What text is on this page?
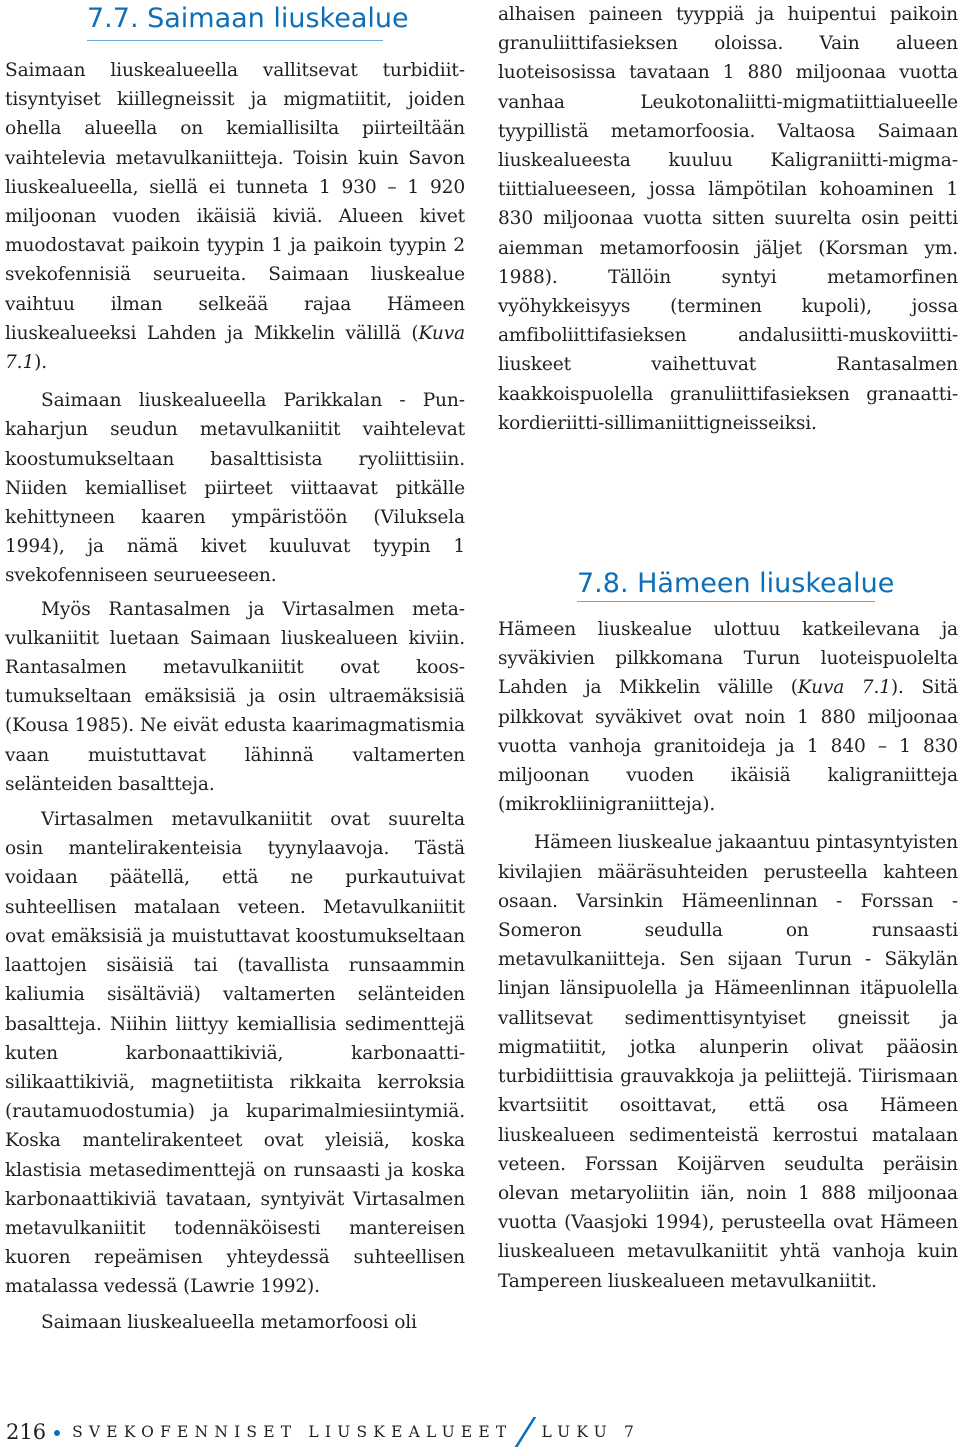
7.7. Saimaan liuskealue

Saimaan liuskealueella vallitsevat turbidiittisyntyiset kiillegneissit ja migmatiitit, joiden ohella alueella on kemiallisilta piirteiltään vaihtelevia metavulkaniitteja. Toisin kuin Savon liuskealueella, siellä ei tunneta 1 930 – 1 920 miljoonan vuoden ikäisiä kiviä. Alueen kivet muodostavat paikoin tyypin 1 ja paikoin tyypin 2 svekofennisiä seurueita. Saimaan liuskealue vaihtuu ilman selkeää rajaa Hämeen liuskealueeksi Lahden ja Mikkelin välillä (Kuva 7.1).

Saimaan liuskealueella Parikkalan - Punkaharjun seudun metavulkaniitit vaihtelevat koostumukseltaan basalttisista ryoliittisiin. Niiden kemialliset piirteet viittaavat pitkälle kehittyneen kaaren ympäristöön (Viluksela 1994), ja nämä kivet kuuluvat tyypin 1 svekofenniseen seurueeseen.

Myös Rantasalmen ja Virtasalmen metavulkaniitit luetaan Saimaan liuskealueen kiviin. Rantasalmen metavulkaniitit ovat koostumukseltaan emäksisiä ja osin ultraemäksisiä (Kousa 1985). Ne eivät edusta kaarimagmatismia vaan muistuttavat lähinnä valtamerten selänteiden basaltteja.

Virtasalmen metavulkaniitit ovat suurelta osin mantelirakenteisia tyynylaavoja. Tästä voidaan päätellä, että ne purkautuivat suhteellisen matalaan veteen. Metavulkaniitit ovat emäksisiä ja muistuttavat koostumukseltaan laattojen sisäisiä tai (tavallista runsaammin kaliumia sisältäviä) valtamerten selänteiden basaltteja. Niihin liittyy kemiallisia sedimenttejä kuten karbonaattikiviä, karbonaatti-silikaattikiviä, magnetiitista rikkaita kerroksia (rautamuodostumia) ja kuparimalmiesiintymiä. Koska mantelirakenteet ovat yleisiä, koska klastisia metasedimenttejä on runsaasti ja koska karbonaattikiviä tavataan, syntyivät Virtasalmen metavulkaniitit todennäköisesti mantereisen kuoren repeämisen yhteydessä suhteellisen matalassa vedessä (Lawrie 1992).

Saimaan liuskealueella metamorfoosi oli

alhaisen paineen tyyppiä ja huipentui paikoin granuliittifasieksen oloissa. Vain alueen luoteisosissa tavataan 1 880 miljoonaa vuotta vanhaa Leukotonaliitti-migmatiittialueelle tyypillistä metamorfoosia. Valtaosa Saimaan liuskealueesta kuuluu Kaligraniitti-migmatiittialueeseen, jossa lämpötilan kohoaminen 1 830 miljoonaa vuotta sitten suurelta osin peitti aiemman metamorfoosin jäljet (Korsman ym. 1988). Tällöin syntyi metamorfinen vyöhykkeisyys (terminen kupoli), jossa amfiboliittifasieksen andalusiitti-muskoviitti-liuskeet vaihettuvat Rantasalmen kaakkoispuolella granuliittifasieksen granaatti-kordieriitti-sillimaniittigneisseiksi.

7.8. Hämeen liuskealue

Hämeen liuskealue ulottuu katkeilevana ja syväkivien pilkkomana Turun luoteispuolelta Lahden ja Mikkelin välille (Kuva 7.1). Sitä pilkkovat syväkivet ovat noin 1 880 miljoonaa vuotta vanhoja granitoideja ja 1 840 – 1 830 miljoonan vuoden ikäisiä kaligraniitteja (mikrokliinigraniitteja).

Hämeen liuskealue jakaantuu pintasyntyisten kivilajien määräsuhteiden perusteella kahteen osaan. Varsinkin Hämeenlinnan - Forssan - Someron seudulla on runsaasti metavulkaniitteja. Sen sijaan Turun - Säkylän linjan länsipuolella ja Hämeenlinnan itäpuolella vallitsevat sedimenttisyntyiset gneissit ja migmatiitit, jotka alunperin olivat pääosin turbidiittisia grauvakkoja ja peliittejä. Tiirismaan kvartsiitit osoittavat, että osa Hämeen liuskealueen sedimenteistä kerrostui matalaan veteen. Forssan Koijärven seudulta peräisin olevan metaryoliitin iän, noin 1 888 miljoonaa vuotta (Vaasjoki 1994), perusteella ovat Hämeen liuskealueen metavulkaniitit yhtä vanhoja kuin Tampereen liuskealueen metavulkaniitit.

216 SVEKOFENNISET LIUSKEALUEET LUKU 7
